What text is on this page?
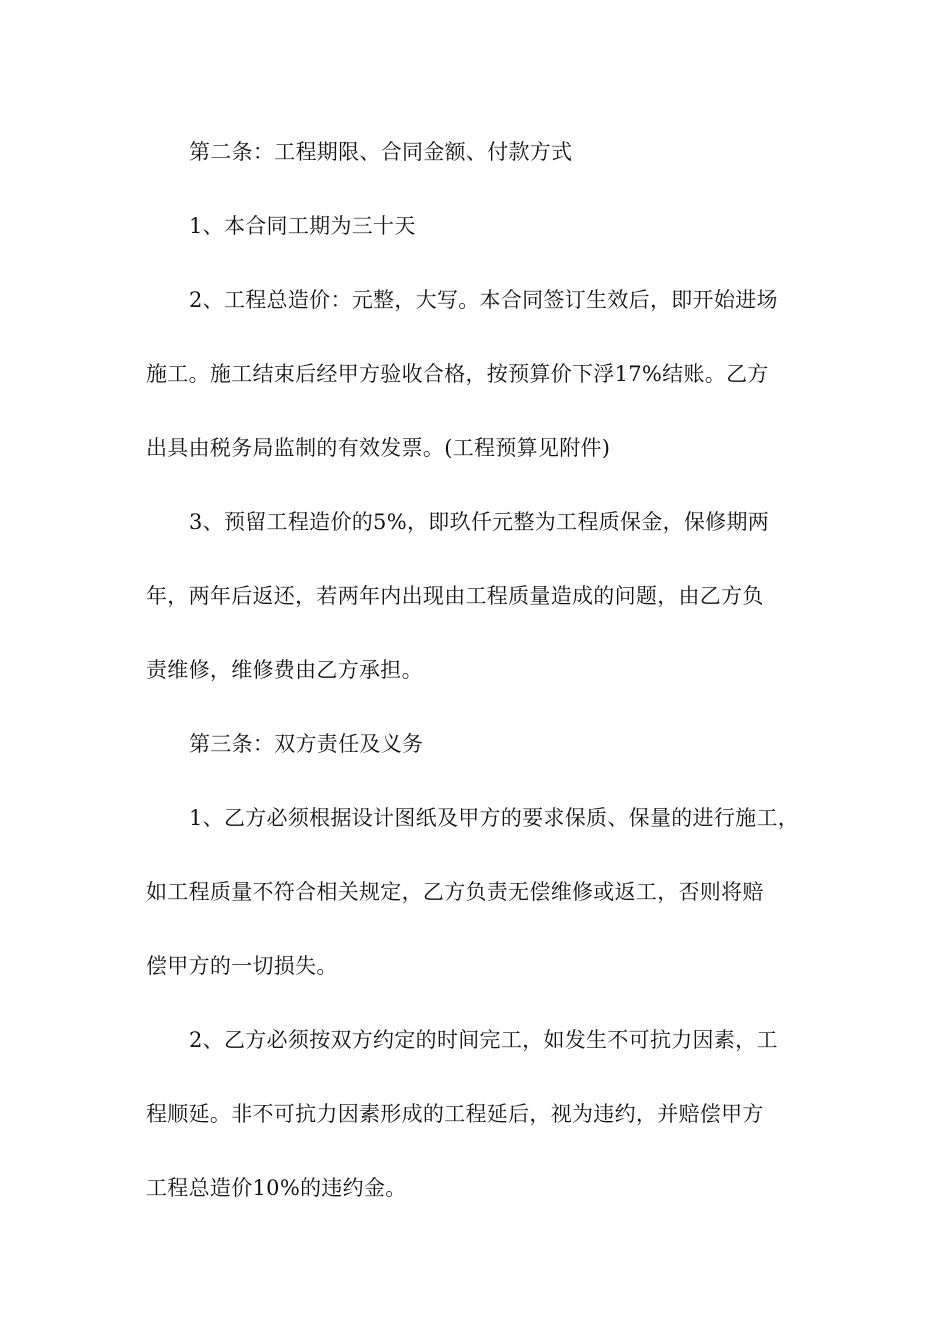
第二条：工程期限、合同金额、付款方式
1、本合同工期为三十天
2、工程总造价：元整，大写。本合同签订生效后，即开始进场
施工。施工结束后经甲方验收合格，按预算价下浮17%结账。乙方
出具由税务局监制的有效发票。(工程预算见附件)
3、预留工程造价的5%，即玖仟元整为工程质保金，保修期两
年，两年后返还，若两年内出现由工程质量造成的问题，由乙方负
责维修，维修费由乙方承担。
第三条：双方责任及义务
1、乙方必须根据设计图纸及甲方的要求保质、保量的进行施工，
如工程质量不符合相关规定，乙方负责无偿维修或返工，否则将赔
偿甲方的一切损失。
2、乙方必须按双方约定的时间完工，如发生不可抗力因素，工
程顺延。非不可抗力因素形成的工程延后，视为违约，并赔偿甲方
工程总造价10%的违约金。
